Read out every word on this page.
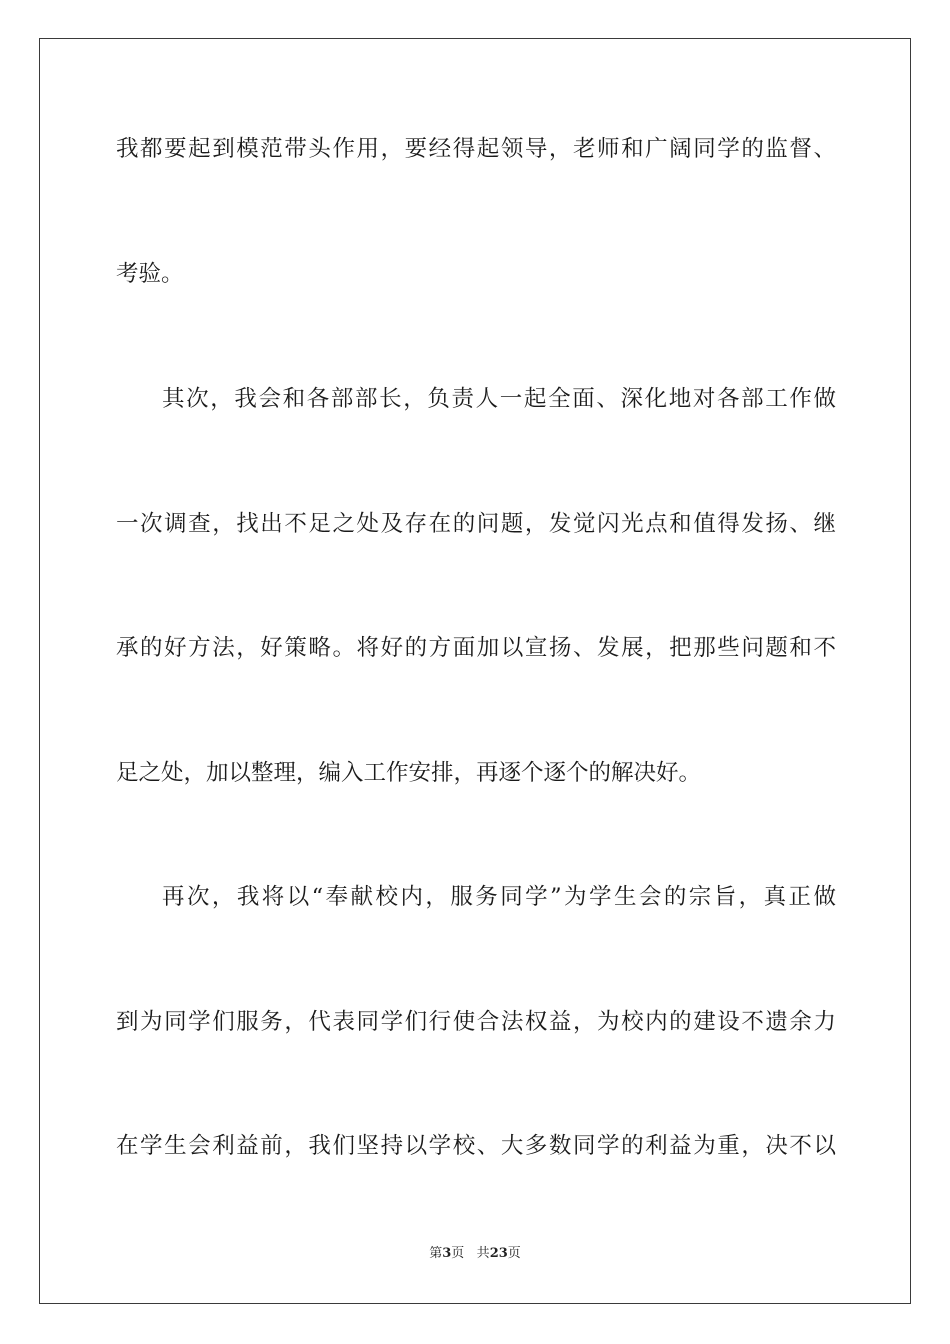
我都要起到模范带头作用，要经得起领导，老师和广阔同学的监督、
考验。
其次，我会和各部部长，负责人一起全面、深化地对各部工作做
一次调查，找出不足之处及存在的问题，发觉闪光点和值得发扬、继
承的好方法，好策略。将好的方面加以宣扬、发展，把那些问题和不
足之处，加以整理，编入工作安排，再逐个逐个的解决好。
再次，我将以“奉献校内，服务同学”为学生会的宗旨，真正做
到为同学们服务，代表同学们行使合法权益，为校内的建设不遗余力
在学生会利益前，我们坚持以学校、大多数同学的利益为重，决不以
第3页 共23页
